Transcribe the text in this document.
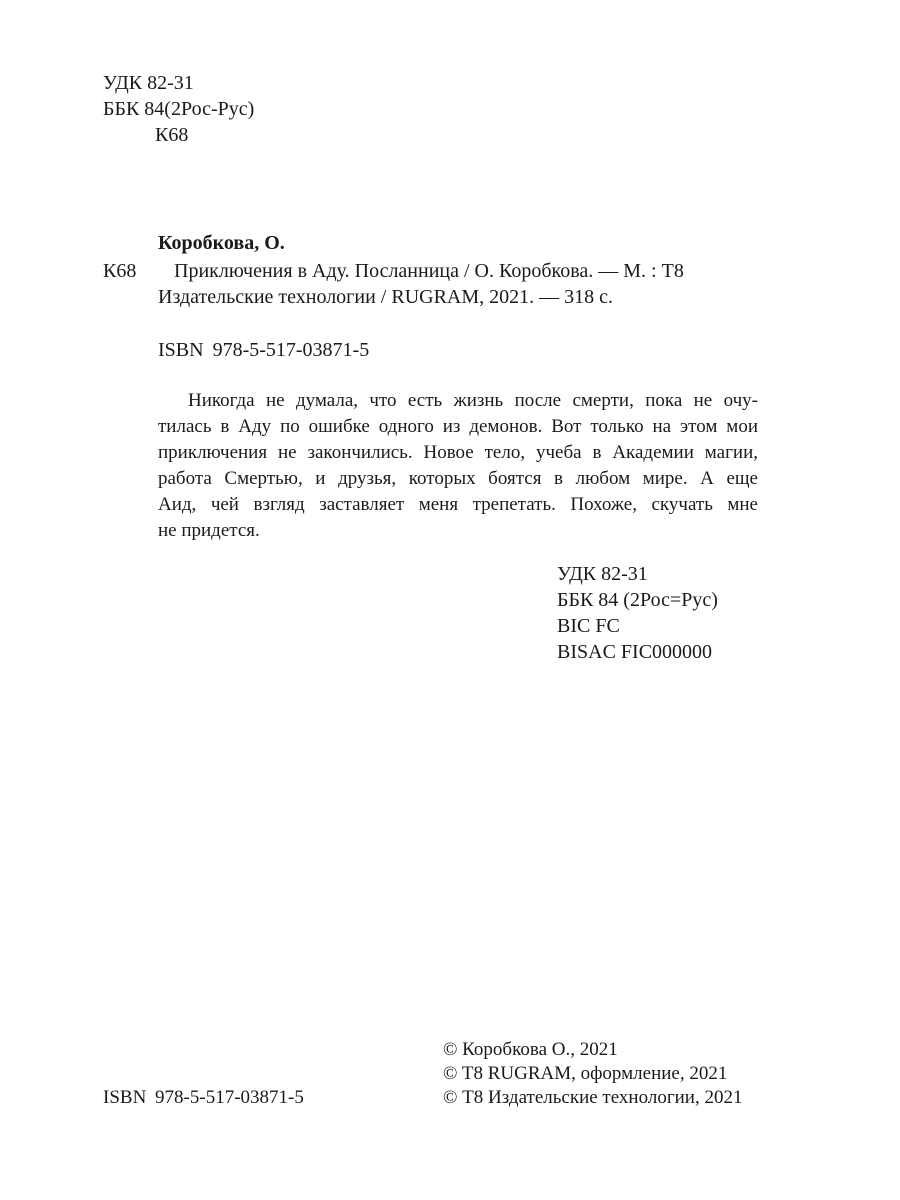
УДК 82-31
ББК 84(2Рос-Рус)
К68
Коробкова, О.
К68	Приключения в Аду. Посланница / О. Коробкова. — М. : Т8
Издательские технологии / RUGRAM, 2021. — 318 с.
ISBN 978-5-517-03871-5
Никогда не думала, что есть жизнь после смерти, пока не очу-
тилась в Аду по ошибке одного из демонов. Вот только на этом мои
приключения не закончились. Новое тело, учеба в Академии магии,
работа Смертью, и друзья, которых боятся в любом мире. А еще
Аид, чей взгляд заставляет меня трепетать. Похоже, скучать мне
не придется.
УДК 82-31
ББК 84 (2Рос=Рус)
BIC FC
BISAC FIC000000
© Коробкова О., 2021
© T8 RUGRAM, оформление, 2021
© Т8 Издательские технологии, 2021
ISBN 978-5-517-03871-5
